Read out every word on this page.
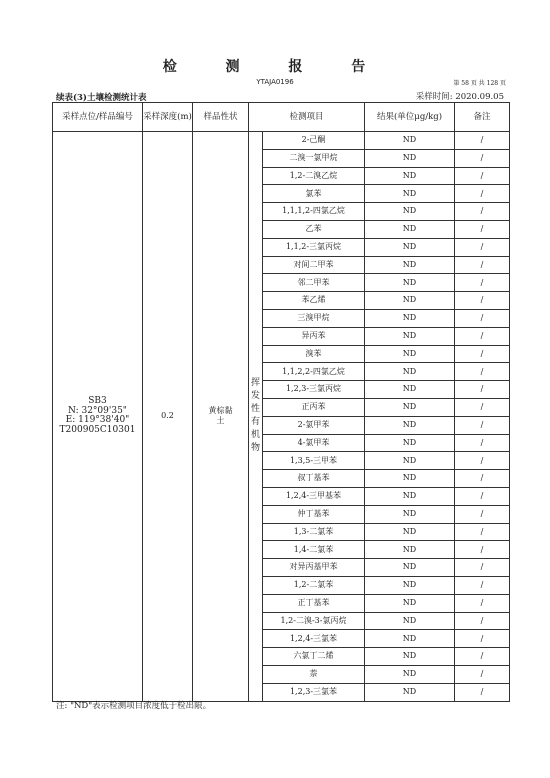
检 测 报 告
YTAJA0196	第 58 页 共 128 页
续表(3)土壤检测统计表	采样时间: 2020.09.05
采样点位/样品编号	采样深度(m)	样品性状	检测项目		结果(单位μg/kg)	备注

SB3
N: 32°09'35"
E: 119°38'40"
T200905C10301	0.2	黄棕黏土	挥发性有机物	2-己酮	ND	/
				二溴一氯甲烷	ND	/
				1,2-二溴乙烷	ND	/
				氯苯	ND	/
				1,1,1,2-四氯乙烷	ND	/
				乙苯	ND	/
				1,1,2-三氯丙烷	ND	/
				对间二甲苯	ND	/
				邻二甲苯	ND	/
				苯乙烯	ND	/
				三溴甲烷	ND	/
				异丙苯	ND	/
				溴苯	ND	/
				1,1,2,2-四氯乙烷	ND	/
				1,2,3-三氯丙烷	ND	/
				正丙苯	ND	/
				2-氯甲苯	ND	/
				4-氯甲苯	ND	/
				1,3,5-三甲苯	ND	/
				叔丁基苯	ND	/
				1,2,4-三甲基苯	ND	/
				仲丁基苯	ND	/
				1,3-二氯苯	ND	/
				1,4-二氯苯	ND	/
				对异丙基甲苯	ND	/
				1,2-二氯苯	ND	/
				正丁基苯	ND	/
				1,2-二溴-3-氯丙烷	ND	/
				1,2,4-三氯苯	ND	/
				六氯丁二烯	ND	/
				萘	ND	/
				1,2,3-三氯苯	ND	/
注: "ND"表示检测项目浓度低于检出限。
